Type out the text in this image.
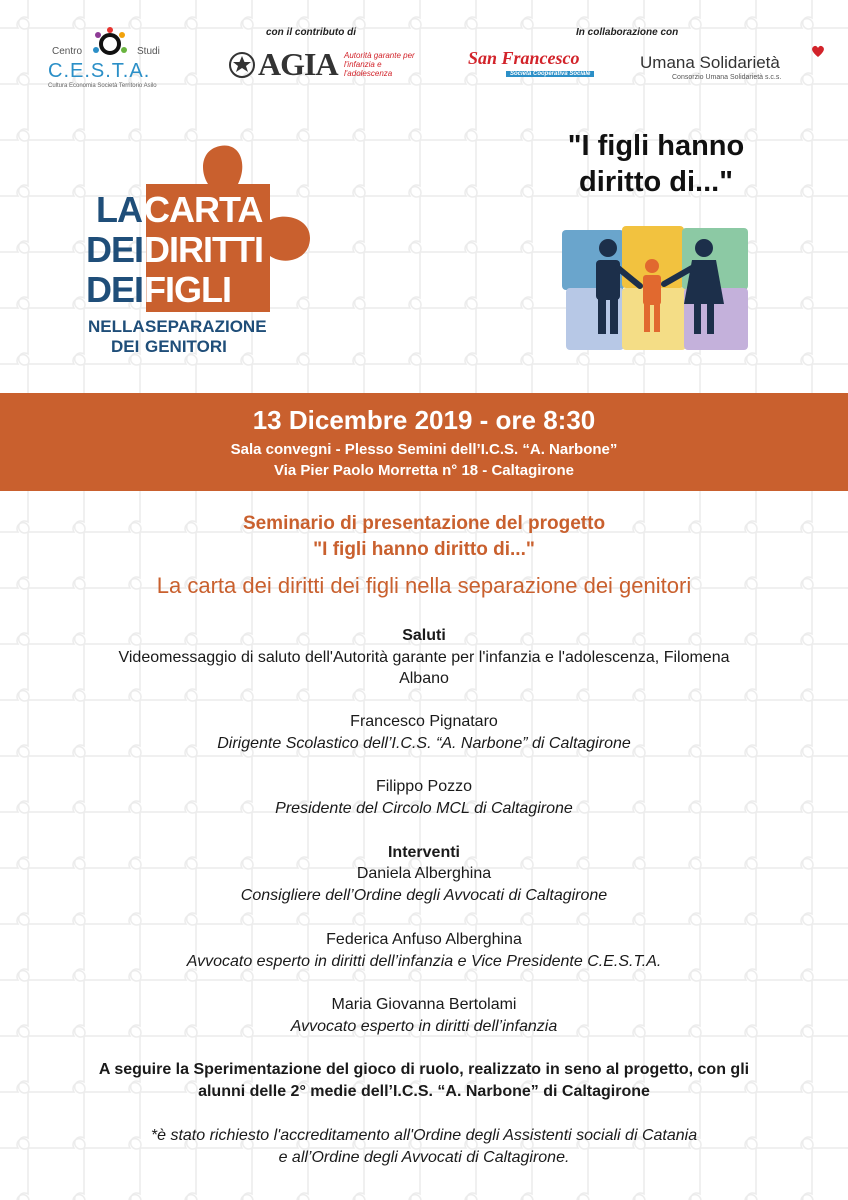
Centro	Studi
C.E.S.T.A.
Cultura Economia Società Territorio Asilo
con il contributo di
AGIA Autorità garante per l'infanzia e l'adolescenza
In collaborazione con
San Francesco
Società Cooperativa Sociale
Umana Solidarietà
Consorzio Umana Solidarietà s.c.s.
LA CARTA
DEI DIRITTI
DEI FIGLI
NELLA SEPARAZIONE
DEI GENITORI
"I figli hanno
diritto di..."
13 Dicembre 2019 - ore 8:30
Sala convegni - Plesso Semini dell’I.C.S. “A. Narbone”
Via Pier Paolo Morretta n° 18 - Caltagirone
Seminario di presentazione del progetto
"I figli hanno diritto di..."
La carta dei diritti dei figli nella separazione dei genitori
Saluti
Videomessaggio di saluto dell'Autorità garante per l'infanzia e l'adolescenza, Filomena
Albano
Francesco Pignataro
Dirigente Scolastico dell’I.C.S. “A. Narbone” di Caltagirone
Filippo Pozzo
Presidente del Circolo MCL di Caltagirone
Interventi
Daniela Alberghina
Consigliere dell’Ordine degli Avvocati di Caltagirone
Federica Anfuso Alberghina
Avvocato esperto in diritti dell’infanzia e Vice Presidente C.E.S.T.A.
Maria Giovanna Bertolami
Avvocato esperto in diritti dell’infanzia
A seguire la Sperimentazione del gioco di ruolo, realizzato in seno al progetto, con gli
alunni delle 2° medie dell’I.C.S. “A. Narbone” di Caltagirone
*è stato richiesto l'accreditamento all'Ordine degli Assistenti sociali di Catania
e all’Ordine degli Avvocati di Caltagirone.
